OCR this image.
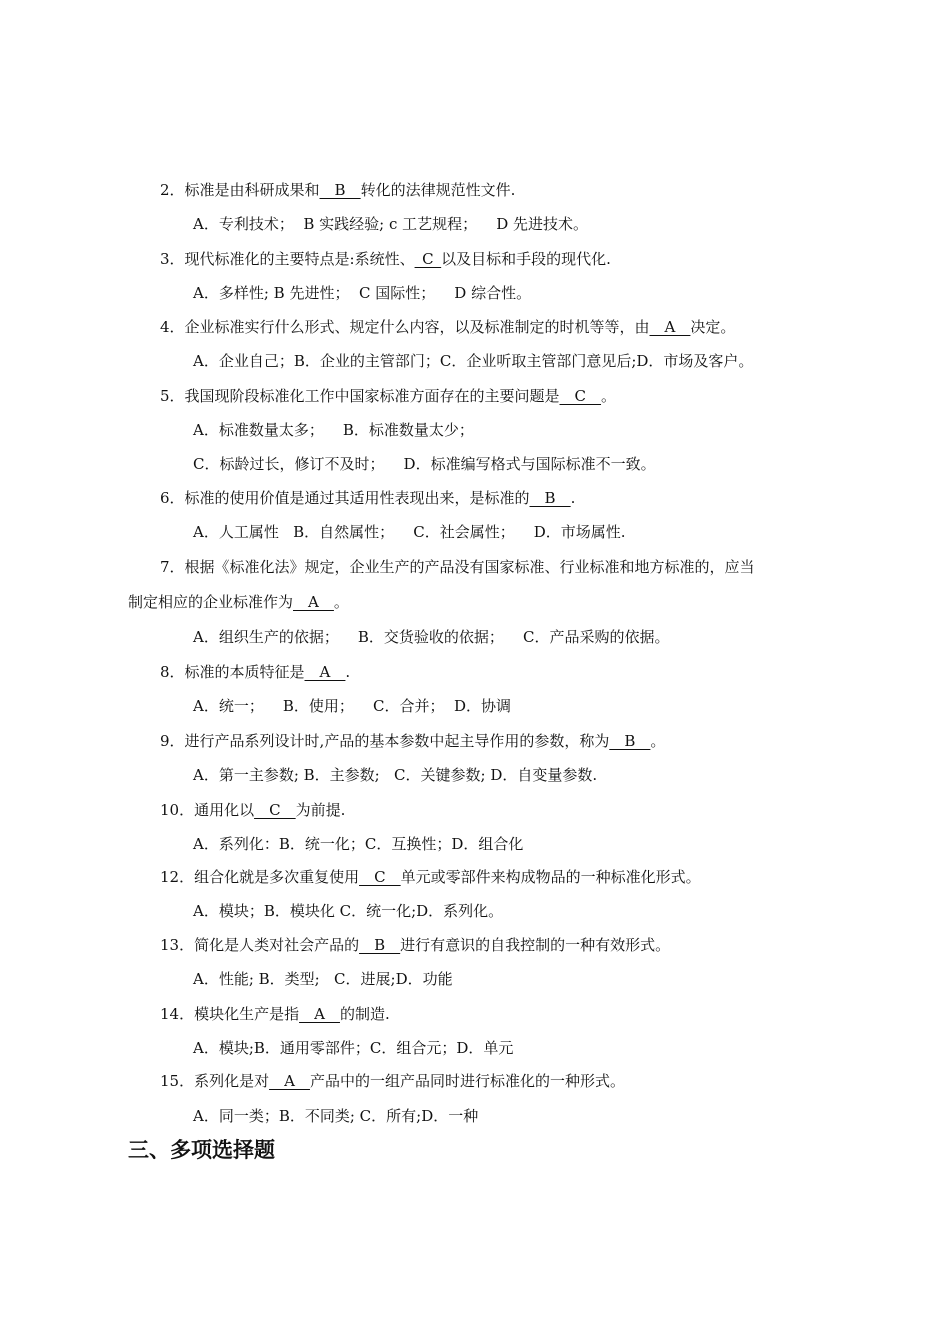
2．标准是由科研成果和__B__转化的法律规范性文件.
A．专利技术；  B 实践经验; c 工艺规程；    D 先进技术。
3．现代标准化的主要特点是:系统性、_C_以及目标和手段的现代化.
A．多样性; B 先进性；  C 国际性；    D 综合性。
4．企业标准实行什么形式、规定什么内容，以及标准制定的时机等等，由__A__决定。
A．企业自己；B．企业的主管部门；C．企业听取主管部门意见后;D．市场及客户。
5．我国现阶段标准化工作中国家标准方面存在的主要问题是__C__。
A．标准数量太多；    B．标准数量太少；
C．标龄过长，修订不及时；    D．标准编写格式与国际标准不一致。
6．标准的使用价值是通过其适用性表现出来，是标准的__B__.
A．人工属性   B．自然属性；    C．社会属性；    D．市场属性.
7．根据《标准化法》规定，企业生产的产品没有国家标准、行业标准和地方标准的，应当
制定相应的企业标准作为__A__。
A．组织生产的依据；    B．交货验收的依据；    C．产品采购的依据。
8．标准的本质特征是__A__.
A．统一；    B．使用；    C．合并；  D．协调
9．进行产品系列设计时,产品的基本参数中起主导作用的参数，称为__B__。
A．第一主参数; B．主参数;   C．关键参数; D．自变量参数.
10．通用化以__C__为前提.
A．系列化：B．统一化；C．互换性；D．组合化
12．组合化就是多次重复使用__C__单元或零部件来构成物品的一种标准化形式。
A．模块；B．模块化 C．统一化;D．系列化。
13．简化是人类对社会产品的__B__进行有意识的自我控制的一种有效形式。
A．性能; B．类型;   C．进展;D．功能
14．模块化生产是指__A__的制造.
A．模块;B．通用零部件；C．组合元；D．单元
15．系列化是对__A__产品中的一组产品同时进行标准化的一种形式。
A．同一类；B．不同类; C．所有;D．一种
三、多项选择题
